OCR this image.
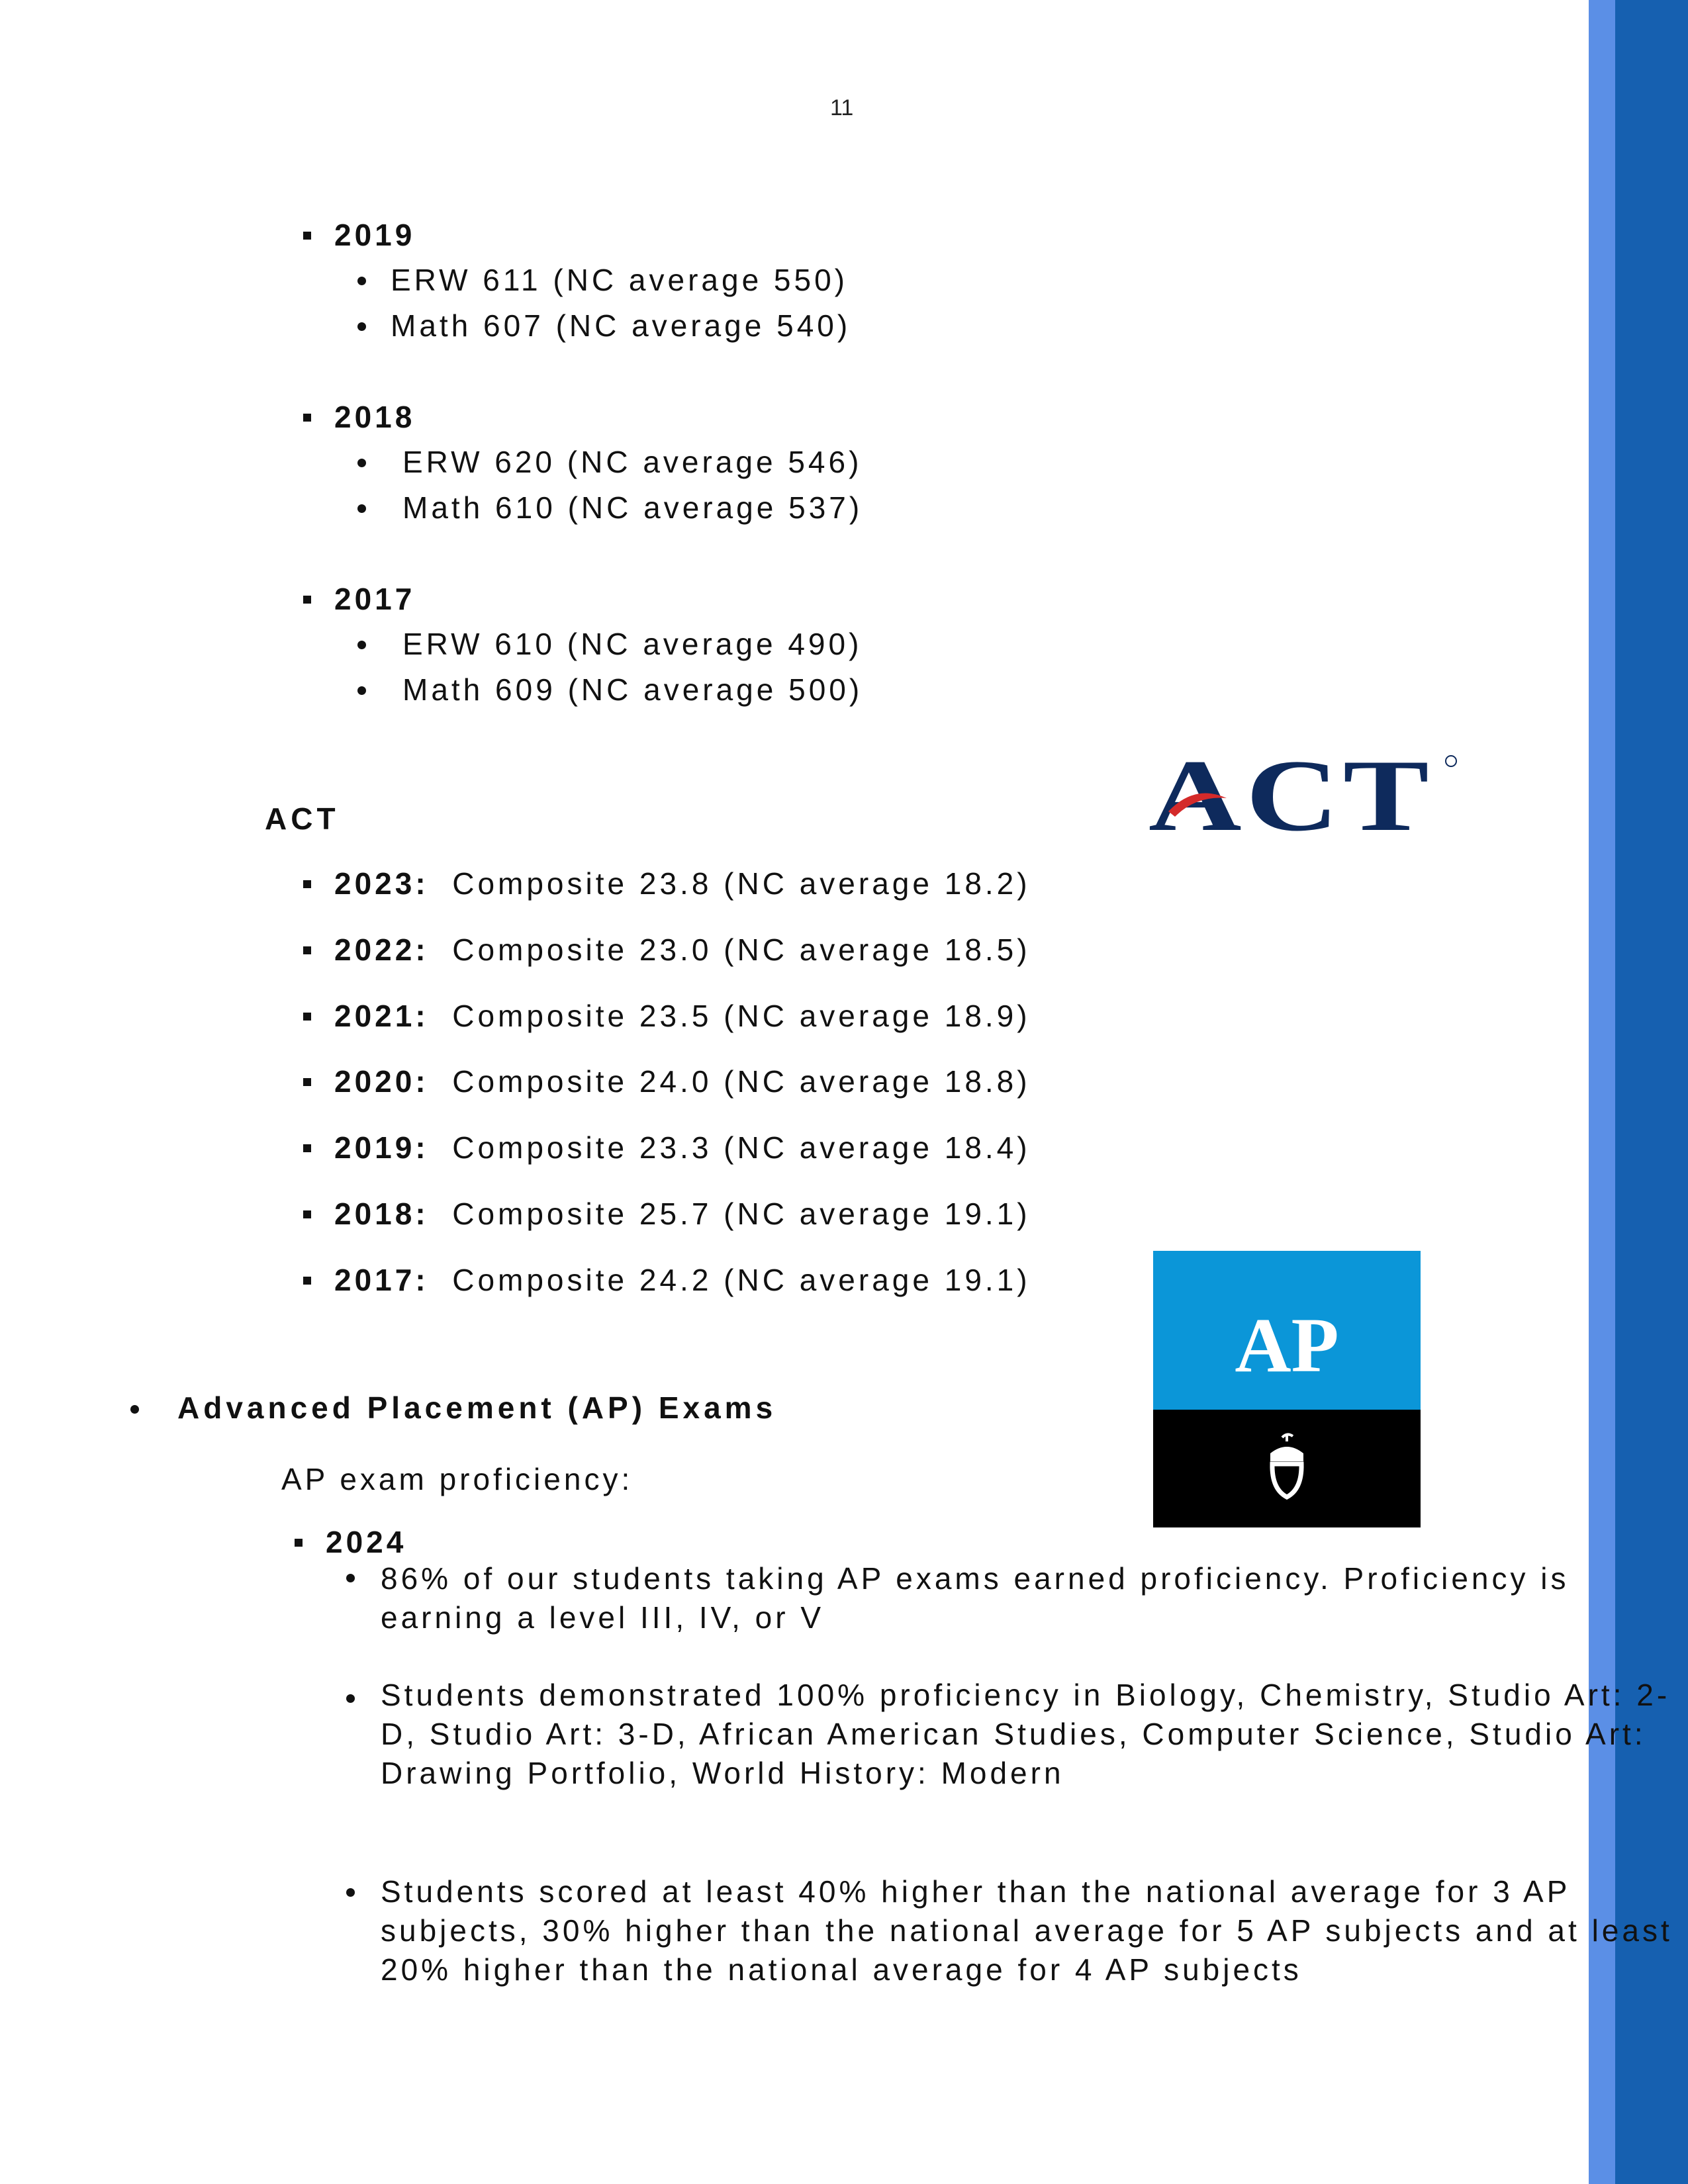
11
2019
ERW 611 (NC average 550)
Math 607 (NC average 540)
2018
ERW 620 (NC average 546)
Math 610 (NC average 537)
2017
ERW 610 (NC average 490)
Math 609 (NC average 500)
ACT
ACT
2023: Composite 23.8 (NC average 18.2)
2022: Composite 23.0 (NC average 18.5)
2021: Composite 23.5 (NC average 18.9)
2020: Composite 24.0 (NC average 18.8)
2019: Composite 23.3 (NC average 18.4)
2018: Composite 25.7 (NC average 19.1)
2017: Composite 24.2 (NC average 19.1)
AP
Advanced Placement (AP) Exams
AP exam proficiency:
2024
86% of our students taking AP exams earned proficiency. Proficiency is earning a level III, IV, or V
Students demonstrated 100% proficiency in Biology, Chemistry, Studio Art: 2-D, Studio Art: 3-D, African American Studies, Computer Science, Studio Art: Drawing Portfolio, World History: Modern
Students scored at least 40% higher than the national average for 3 AP subjects, 30% higher than the national average for 5 AP subjects and at least 20% higher than the national average for 4 AP subjects
